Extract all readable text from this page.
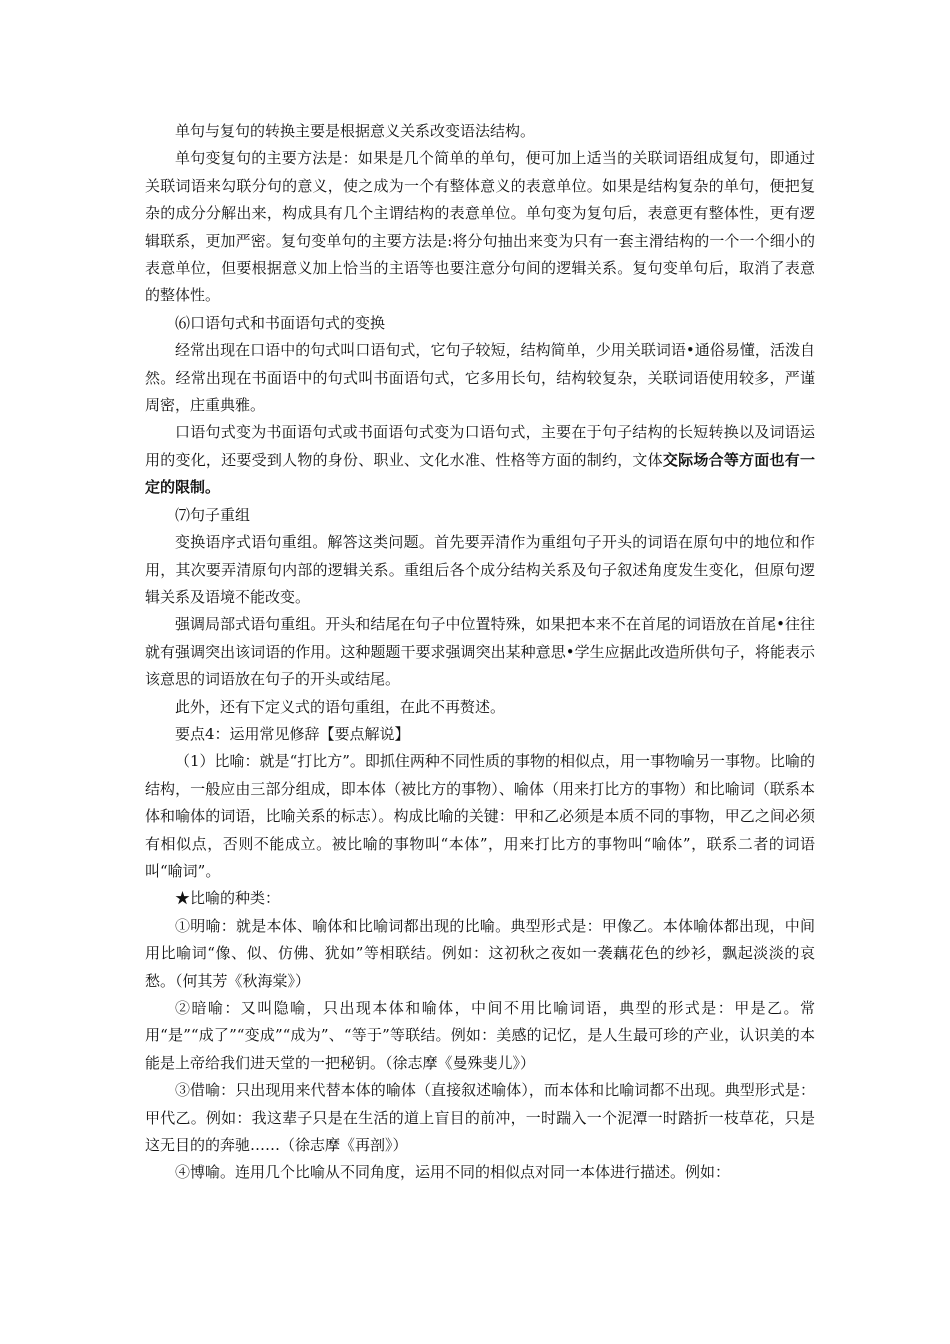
单句与复句的转换主要是根据意义关系改变语法结构。

单句变复句的主要方法是：如果是几个简单的单句，便可加上适当的关联词语组成复句，即通过关联词语来勾联分句的意义，使之成为一个有整体意义的表意单位。如果是结构复杂的单句，便把复杂的成分分解出来，构成具有几个主谓结构的表意单位。单句变为复句后，表意更有整体性，更有逻辑联系，更加严密。复句变单句的主要方法是:将分句抽出来变为只有一套主滑结构的一个一个细小的表意单位，但要根据意义加上恰当的主语等也要注意分句间的逻辑关系。复句变单句后，取消了表意的整体性。

⑹口语句式和书面语句式的变换

经常出现在口语中的句式叫口语旬式，它句子较短，结构简单，少用关联词语•通俗易懂，活泼自然。经常出现在书面语中的句式叫书面语句式，它多用长句，结构较复杂，关联词语使用较多，严谨周密，庄重典雅。

口语句式变为书面语句式或书面语句式变为口语句式，主要在于句子结构的长短转换以及词语运用的变化，还要受到人物的身份、职业、文化水准、性格等方面的制约，文体交际场合等方面也有一定的限制。

⑺句子重组

变换语序式语句重组。解答这类问题。首先要弄清作为重组句子开头的词语在原句中的地位和作用，其次要弄清原句内部的逻辑关系。重组后各个成分结构关系及句子叙述角度发生变化，但原句逻辑关系及语境不能改变。

强调局部式语句重组。开头和结尾在句子中位置特殊，如果把本来不在首尾的词语放在首尾•往往就有强调突出该词语的作用。这种题题干要求强调突出某种意思•学生应据此改造所供句子，将能表示该意思的词语放在句子的开头或结尾。

此外，还有下定义式的语句重组，在此不再赘述。

要点4：运用常见修辞【要点解说】

（1）比喻：就是“打比方”。即抓住两种不同性质的事物的相似点，用一事物喻另一事物。比喻的结构，一般应由三部分组成，即本体（被比方的事物）、喻体（用来打比方的事物）和比喻词（联系本体和喻体的词语，比喻关系的标志）。构成比喻的关键：甲和乙必须是本质不同的事物，甲乙之间必须有相似点，否则不能成立。被比喻的事物叫“本体”，用来打比方的事物叫“喻体”，联系二者的词语叫“喻词”。

★比喻的种类：

①明喻：就是本体、喻体和比喻词都出现的比喻。典型形式是：甲像乙。本体喻体都出现，中间用比喻词“像、似、仿佛、犹如”等相联结。例如：这初秋之夜如一袭藕花色的纱衫，飘起淡淡的哀愁。（何其芳《秋海棠》）

②暗喻：又叫隐喻，只出现本体和喻体，中间不用比喻词语，典型的形式是：甲是乙。常用“是”“成了”“变成”“成为”、“等于”等联结。例如：美感的记忆，是人生最可珍的产业，认识美的本能是上帝给我们进天堂的一把秘钥。（徐志摩《曼殊斐儿》）

③借喻：只出现用来代替本体的喻体（直接叙述喻体），而本体和比喻词都不出现。典型形式是：甲代乙。例如：我这辈子只是在生活的道上盲目的前冲，一时踹入一个泥潭一时踏折一枝草花，只是这无目的的奔驰……（徐志摩《再剖》）

④博喻。连用几个比喻从不同角度，运用不同的相似点对同一本体进行描述。例如：
